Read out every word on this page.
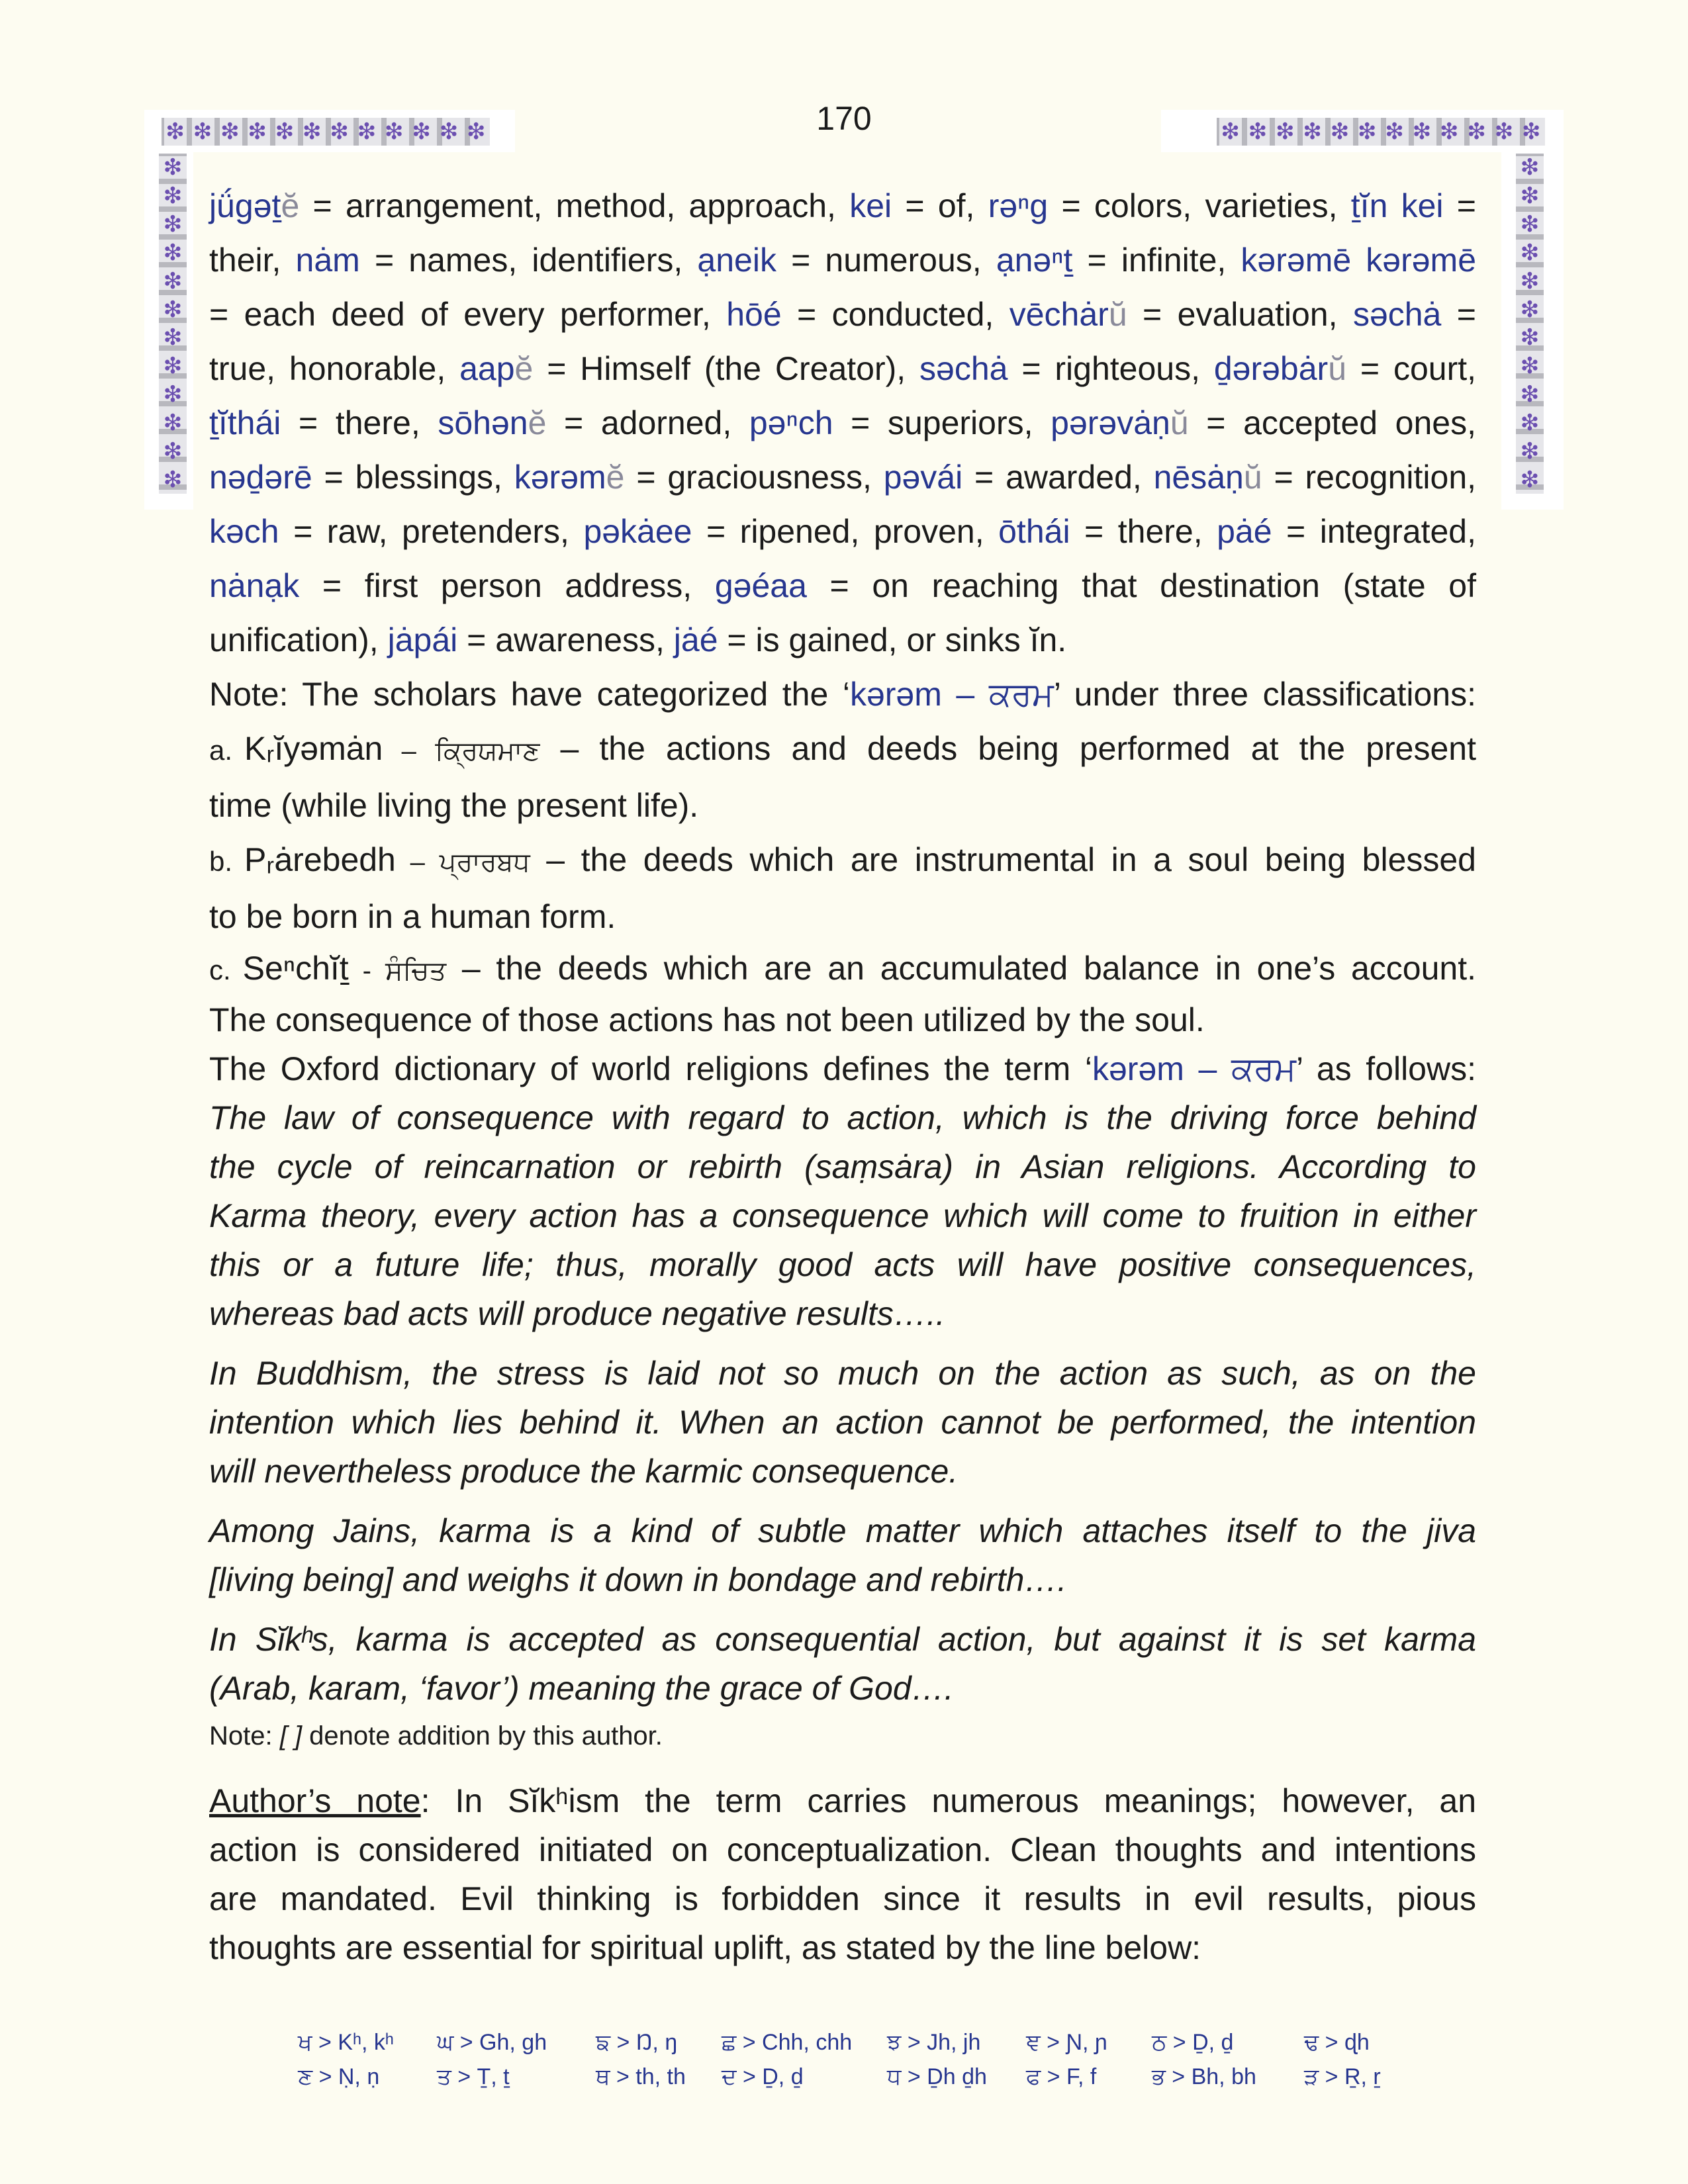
❇ ❇ ❇ ❇ ❇ ❇ ❇ ❇ ❇ ❇ ❇ ❇	❇ ❇ ❇ ❇ ❇ ❇ ❇ ❇ ❇ ❇ ❇ ❇
❇
❇
❇
❇
❇
❇
❇
❇
❇
❇
❇
❇
❇
❇
❇
❇
❇
❇
❇
❇
❇
❇
❇
❇
170

jǘgəṯĕ = arrangement, method, approach, kei = of, rəⁿg = colors, varieties, ṯĭn kei =

their, nȧm = names, identifiers, ạneik = numerous, ạnəⁿṯ = infinite, kərəmē kərəmē

= each deed of every performer, hōé = conducted, vēchȧrŭ = evaluation, səchȧ =

true, honorable, aapĕ = Himself (the Creator), səchȧ = righteous, ḏərəbȧrŭ = court,

ṯĭthái = there, sōhənĕ = adorned, pəⁿch = superiors, pərəvȧṇŭ = accepted ones,

nəḏərē = blessings, kərəmĕ = graciousness, pəvái = awarded, nēsȧṇŭ = recognition,

kəch = raw, pretenders, pəkȧee = ripened, proven, ōthái = there, pȧé = integrated,

nȧnạk = first person address, gəéaa = on reaching that destination (state of

unification), jȧpái = awareness, jȧé = is gained, or sinks ĭn.

Note: The scholars have categorized the ‘kərəm – ਕਰਮ’ under three classifications:

a. Kᵣĭyəmȧn – ਕ੍ਰਿਯਮਾਣ – the actions and deeds being performed at the present

time (while living the present life).

b. Pᵣȧrebedh – ਪ੍ਰਾਰਬਧ – the deeds which are instrumental in a soul being blessed

to be born in a human form.

c. Seⁿchĭṯ - ਸੰਚਿਤ – the deeds which are an accumulated balance in one’s account.

The consequence of those actions has not been utilized by the soul.

The Oxford dictionary of world religions defines the term ‘kərəm – ਕਰਮ’ as follows:

The law of consequence with regard to action, which is the driving force behind

the cycle of reincarnation or rebirth (saṃsȧra) in Asian religions. According to

Karma theory, every action has a consequence which will come to fruition in either

this or a future life; thus, morally good acts will have positive consequences,

whereas bad acts will produce negative results…..

In Buddhism, the stress is laid not so much on the action as such, as on the

intention which lies behind it. When an action cannot be performed, the intention

will nevertheless produce the karmic consequence.

Among Jains, karma is a kind of subtle matter which attaches itself to the jiva

[living being] and weighs it down in bondage and rebirth….

In Sĭkʰs, karma is accepted as consequential action, but against it is set karma

(Arab, karam, ‘favor’) meaning the grace of God….

Note: [ ] denote addition by this author.

Author’s note: In Sĭkʰism the term carries numerous meanings; however, an

action is considered initiated on conceptualization. Clean thoughts and intentions

are mandated. Evil thinking is forbidden since it results in evil results, pious

thoughts are essential for spiritual uplift, as stated by the line below:

ਖ > Kʰ, kʰ	ਘ > Gh, gh	ਙ > Ŋ, ŋ	ਛ > Chh, chh	ਝ > Jh, jh	ਞ > Ɲ, ɲ	ਠ > Ḏ, ḏ	ਢ > ɖh
ਣ > Ṇ, ṇ	ਤ > Ṯ, ṯ	ਥ > th, th	ਦ > Ḏ, ḏ	ਧ > Ḏh ḏh	ਫ > F, f	ਭ > Bh, bh	ੜ > Ṟ, ṟ
